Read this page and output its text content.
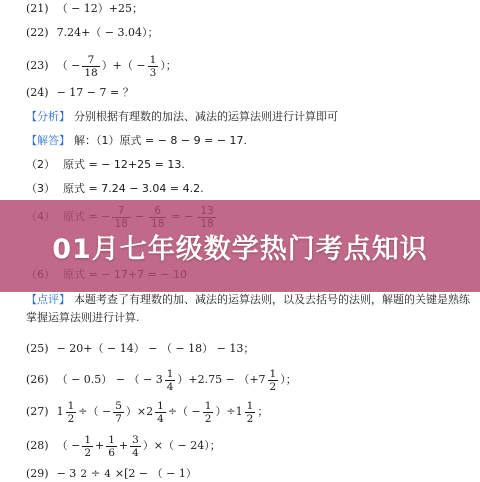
(21) （ − 12）+25；
(22) 7.24+（ − 3.04）；
(23) （ − $\frac{7}{18}$ ）+（ − $\frac{1}{3}$ ）；
(24) − 17 − 7 = ？
【分析】 分别根据有理数的加法、减法的运算法则进行计算即可
【解答】 解：（1）原式 = − 8 − 9 = − 17.
（2） 原式 = − 12+25 = 13.
（3） 原式 = 7.24 − 3.04 = 4.2.
【点评】 本题考查了有理数的加、减法的运算法则，以及去括号的法则，解题的关键是熟练掌握运算法则进行计算.
(25) − 20+（ − 14） − （ − 18） − 13；
(26) （ − 0.5） − （ − $3 \frac{1}{4} )+2.75 - (+7 \frac{1}{2}$ ）；
(27) $1 \frac{1}{2}$ ÷（ − $\frac{5}{7} )\times 2 \frac{1}{4}$ ÷（ − $\frac{1}{2} )\div 1 \frac{1}{2}$ ；
(28) （ − $\frac{1}{2} + \frac{1}{6} + \frac{3}{4}$ ）×（ − 24）；
(29) − 3 2 ÷ 4 ×[2 − （ − 1）
01月七年级数学热门考点知识
